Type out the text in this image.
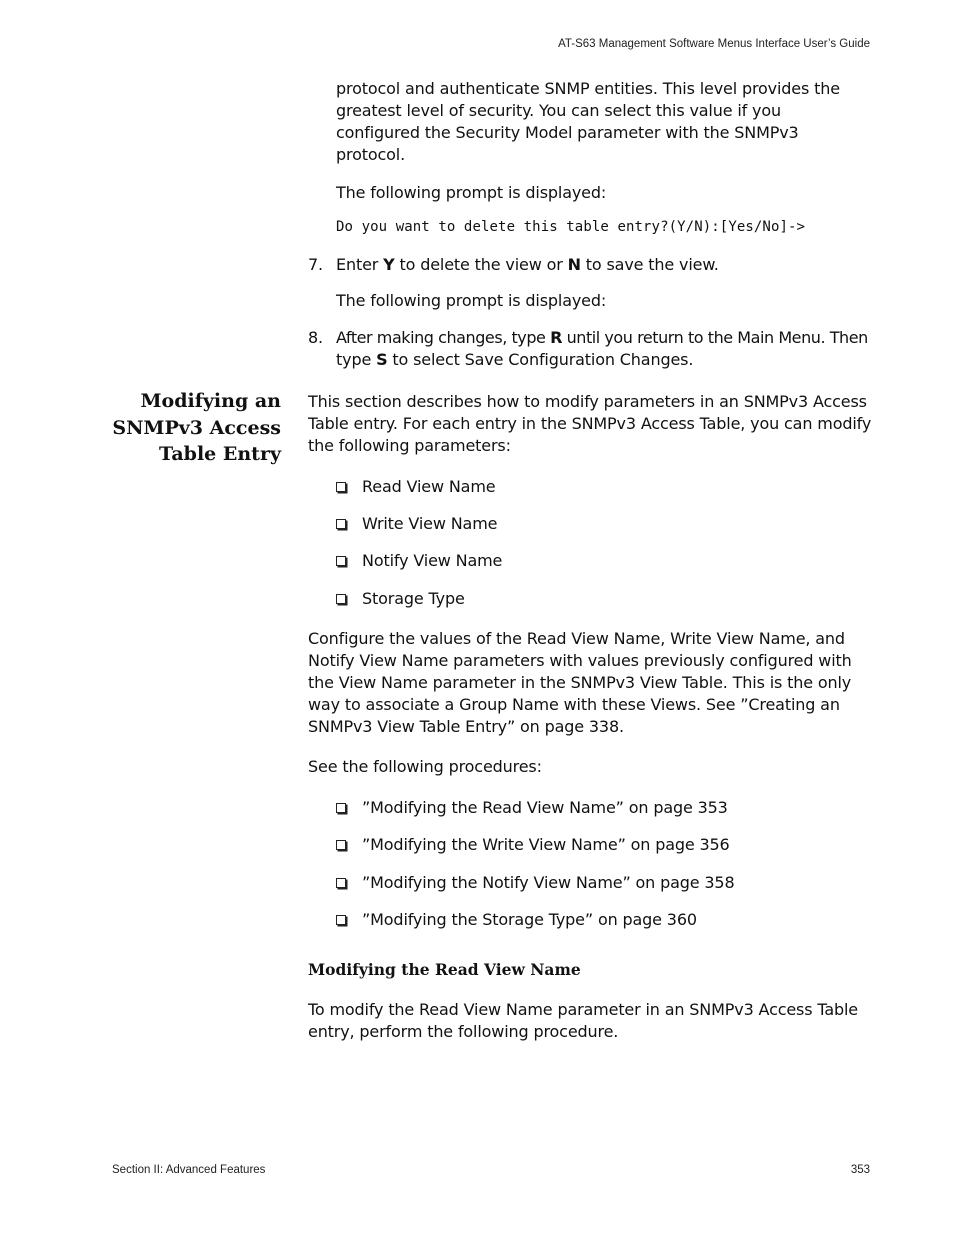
AT-S63 Management Software Menus Interface User’s Guide

protocol and authenticate SNMP entities. This level provides the

greatest level of security. You can select this value if you

configured the Security Model parameter with the SNMPv3

protocol.

The following prompt is displayed:
Do you want to delete this table entry?(Y/N):[Yes/No]->
7. Enter Y to delete the view or N to save the view.
The following prompt is displayed:
8. After making changes, type R until you return to the Main Menu. Then
type S to select Save Configuration Changes.
Modifying an
SNMPv3 Access
Table Entry

This section describes how to modify parameters in an SNMPv3 Access

Table entry. For each entry in the SNMPv3 Access Table, you can modify

the following parameters:

Read View Name
Write View Name
Notify View Name
Storage Type

Configure the values of the Read View Name, Write View Name, and

Notify View Name parameters with values previously configured with

the View Name parameter in the SNMPv3 View Table. This is the only

way to associate a Group Name with these Views. See ”Creating an

SNMPv3 View Table Entry” on page 338.

See the following procedures:
”Modifying the Read View Name” on page 353
”Modifying the Write View Name” on page 356
”Modifying the Notify View Name” on page 358
”Modifying the Storage Type” on page 360
Modifying the Read View Name

To modify the Read View Name parameter in an SNMPv3 Access Table

entry, perform the following procedure.

Section II: Advanced Features	353
